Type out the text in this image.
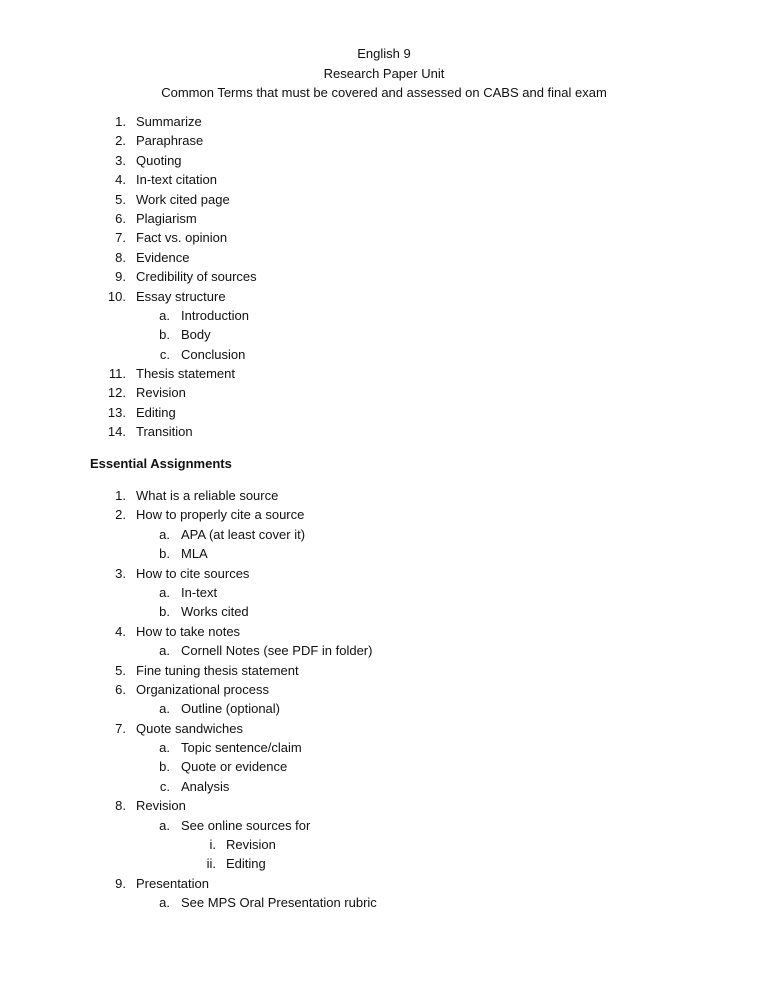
English 9
Research Paper Unit
Common Terms that must be covered and assessed on CABS and final exam
1. Summarize
2. Paraphrase
3. Quoting
4. In-text citation
5. Work cited page
6. Plagiarism
7. Fact vs. opinion
8. Evidence
9. Credibility of sources
10. Essay structure
a. Introduction
b. Body
c. Conclusion
11. Thesis statement
12. Revision
13. Editing
14. Transition
Essential Assignments
1. What is a reliable source
2. How to properly cite a source
a. APA (at least cover it)
b. MLA
3. How to cite sources
a. In-text
b. Works cited
4. How to take notes
a. Cornell Notes (see PDF in folder)
5. Fine tuning thesis statement
6. Organizational process
a. Outline (optional)
7. Quote sandwiches
a. Topic sentence/claim
b. Quote or evidence
c. Analysis
8. Revision
a. See online sources for
i. Revision
ii. Editing
9. Presentation
a. See MPS Oral Presentation rubric
